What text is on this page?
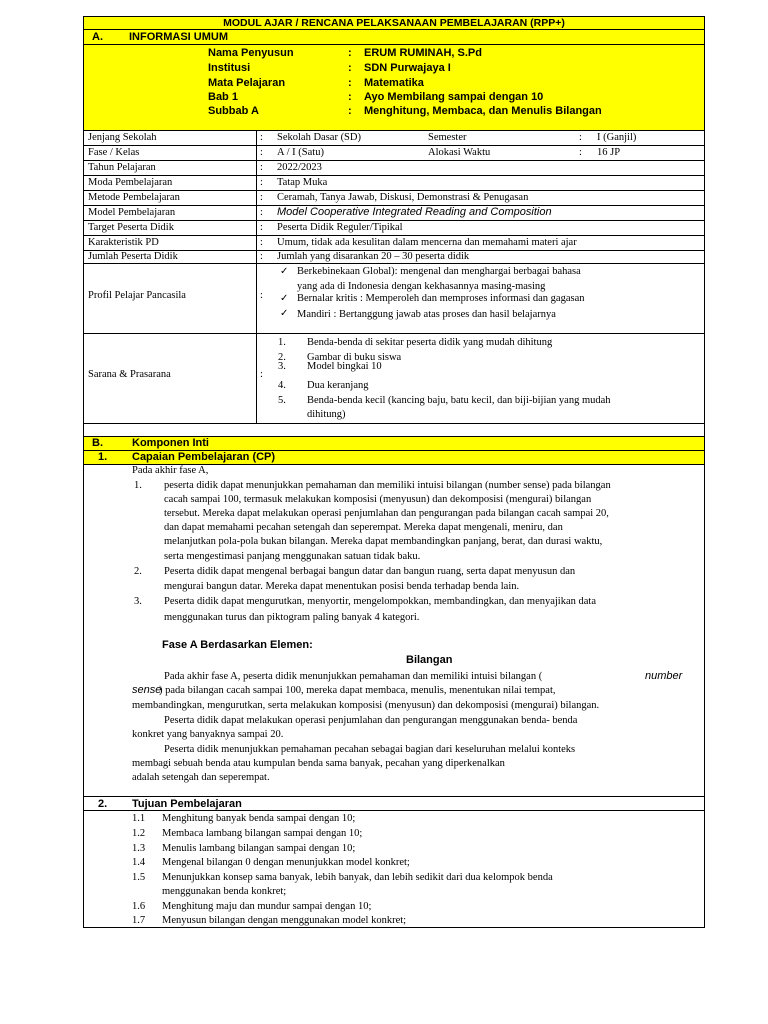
MODUL AJAR / RENCANA PELAKSANAAN PEMBELAJARAN (RPP+)
A. INFORMASI UMUM
Nama Penyusun	: ERUM RUMINAH, S.Pd
Institusi	: SDN Purwajaya I
Mata Pelajaran	: Matematika
Bab 1	: Ayo Membilang sampai dengan 10
Subbab A	: Menghitung, Membaca, dan Menulis Bilangan
Jenjang Sekolah	: Sekolah Dasar (SD)	Semester	: I (Ganjil)
Fase / Kelas	: A / I (Satu)	Alokasi Waktu	: 16 JP
Tahun Pelajaran	: 2022/2023
Moda Pembelajaran	: Tatap Muka
Metode Pembelajaran	: Ceramah, Tanya Jawab, Diskusi, Demonstrasi & Penugasan
Model Pembelajaran	: Model Cooperative Integrated Reading and Composition
Target Peserta Didik	: Peserta Didik Reguler/Tipikal
Karakteristik PD	: Umum, tidak ada kesulitan dalam mencerna dan memahami materi ajar
Jumlah Peserta Didik	: Jumlah yang disarankan 20 – 30 peserta didik
Profil Pelajar Pancasila	:
✓ Berkebinekaan Global): mengenal dan menghargai berbagai bahasa
yang ada di Indonesia dengan kekhasannya masing-masing
✓ Bernalar kritis : Memperoleh dan memproses informasi dan gagasan
✓ Mandiri : Bertanggung jawab atas proses dan hasil belajarnya
Sarana & Prasarana	:
1. Benda-benda di sekitar peserta didik yang mudah dihitung
2. Gambar di buku siswa
3. Model bingkai 10
4. Dua keranjang
5. Benda-benda kecil (kancing baju, batu kecil, dan biji-bijian yang mudah
dihitung)
B.	Komponen Inti
1. Capaian Pembelajaran (CP)
Pada akhir fase A,
1. peserta didik dapat menunjukkan pemahaman dan memiliki intuisi bilangan (number sense) pada bilangan
cacah sampai 100, termasuk melakukan komposisi (menyusun) dan dekomposisi (mengurai) bilangan
tersebut. Mereka dapat melakukan operasi penjumlahan dan pengurangan pada bilangan cacah sampai 20,
dan dapat memahami pecahan setengah dan seperempat. Mereka dapat mengenali, meniru, dan
melanjutkan pola-pola bukan bilangan. Mereka dapat membandingkan panjang, berat, dan durasi waktu,
serta mengestimasi panjang menggunakan satuan tidak baku.
2. Peserta didik dapat mengenal berbagai bangun datar dan bangun ruang, serta dapat menyusun dan
mengurai bangun datar. Mereka dapat menentukan posisi benda terhadap benda lain.
3. Peserta didik dapat mengurutkan, menyortir, mengelompokkan, membandingkan, dan menyajikan data
menggunakan turus dan piktogram paling banyak 4 kategori.
Fase A Berdasarkan Elemen:
Bilangan
Pada akhir fase A, peserta didik menunjukkan pemahaman dan memiliki intuisi bilangan (	number
sense
) pada bilangan cacah sampai 100, mereka dapat membaca, menulis, menentukan nilai tempat,
membandingkan, mengurutkan, serta melakukan komposisi (menyusun) dan dekomposisi (mengurai) bilangan.
Peserta didik dapat melakukan operasi penjumlahan dan pengurangan menggunakan benda- benda
konkret yang banyaknya sampai 20.
Peserta didik menunjukkan pemahaman pecahan sebagai bagian dari keseluruhan melalui konteks
membagi sebuah benda atau kumpulan benda sama banyak, pecahan yang diperkenalkan
adalah setengah dan seperempat.
2. Tujuan Pembelajaran
1.1 Menghitung banyak benda sampai dengan 10;
1.2 Membaca lambang bilangan sampai dengan 10;
1.3 Menulis lambang bilangan sampai dengan 10;
1.4 Mengenal bilangan 0 dengan menunjukkan model konkret;
1.5 Menunjukkan konsep sama banyak, lebih banyak, dan lebih sedikit dari dua kelompok benda
menggunakan benda konkret;
1.6 Menghitung maju dan mundur sampai dengan 10;
1.7 Menyusun bilangan dengan menggunakan model konkret;
